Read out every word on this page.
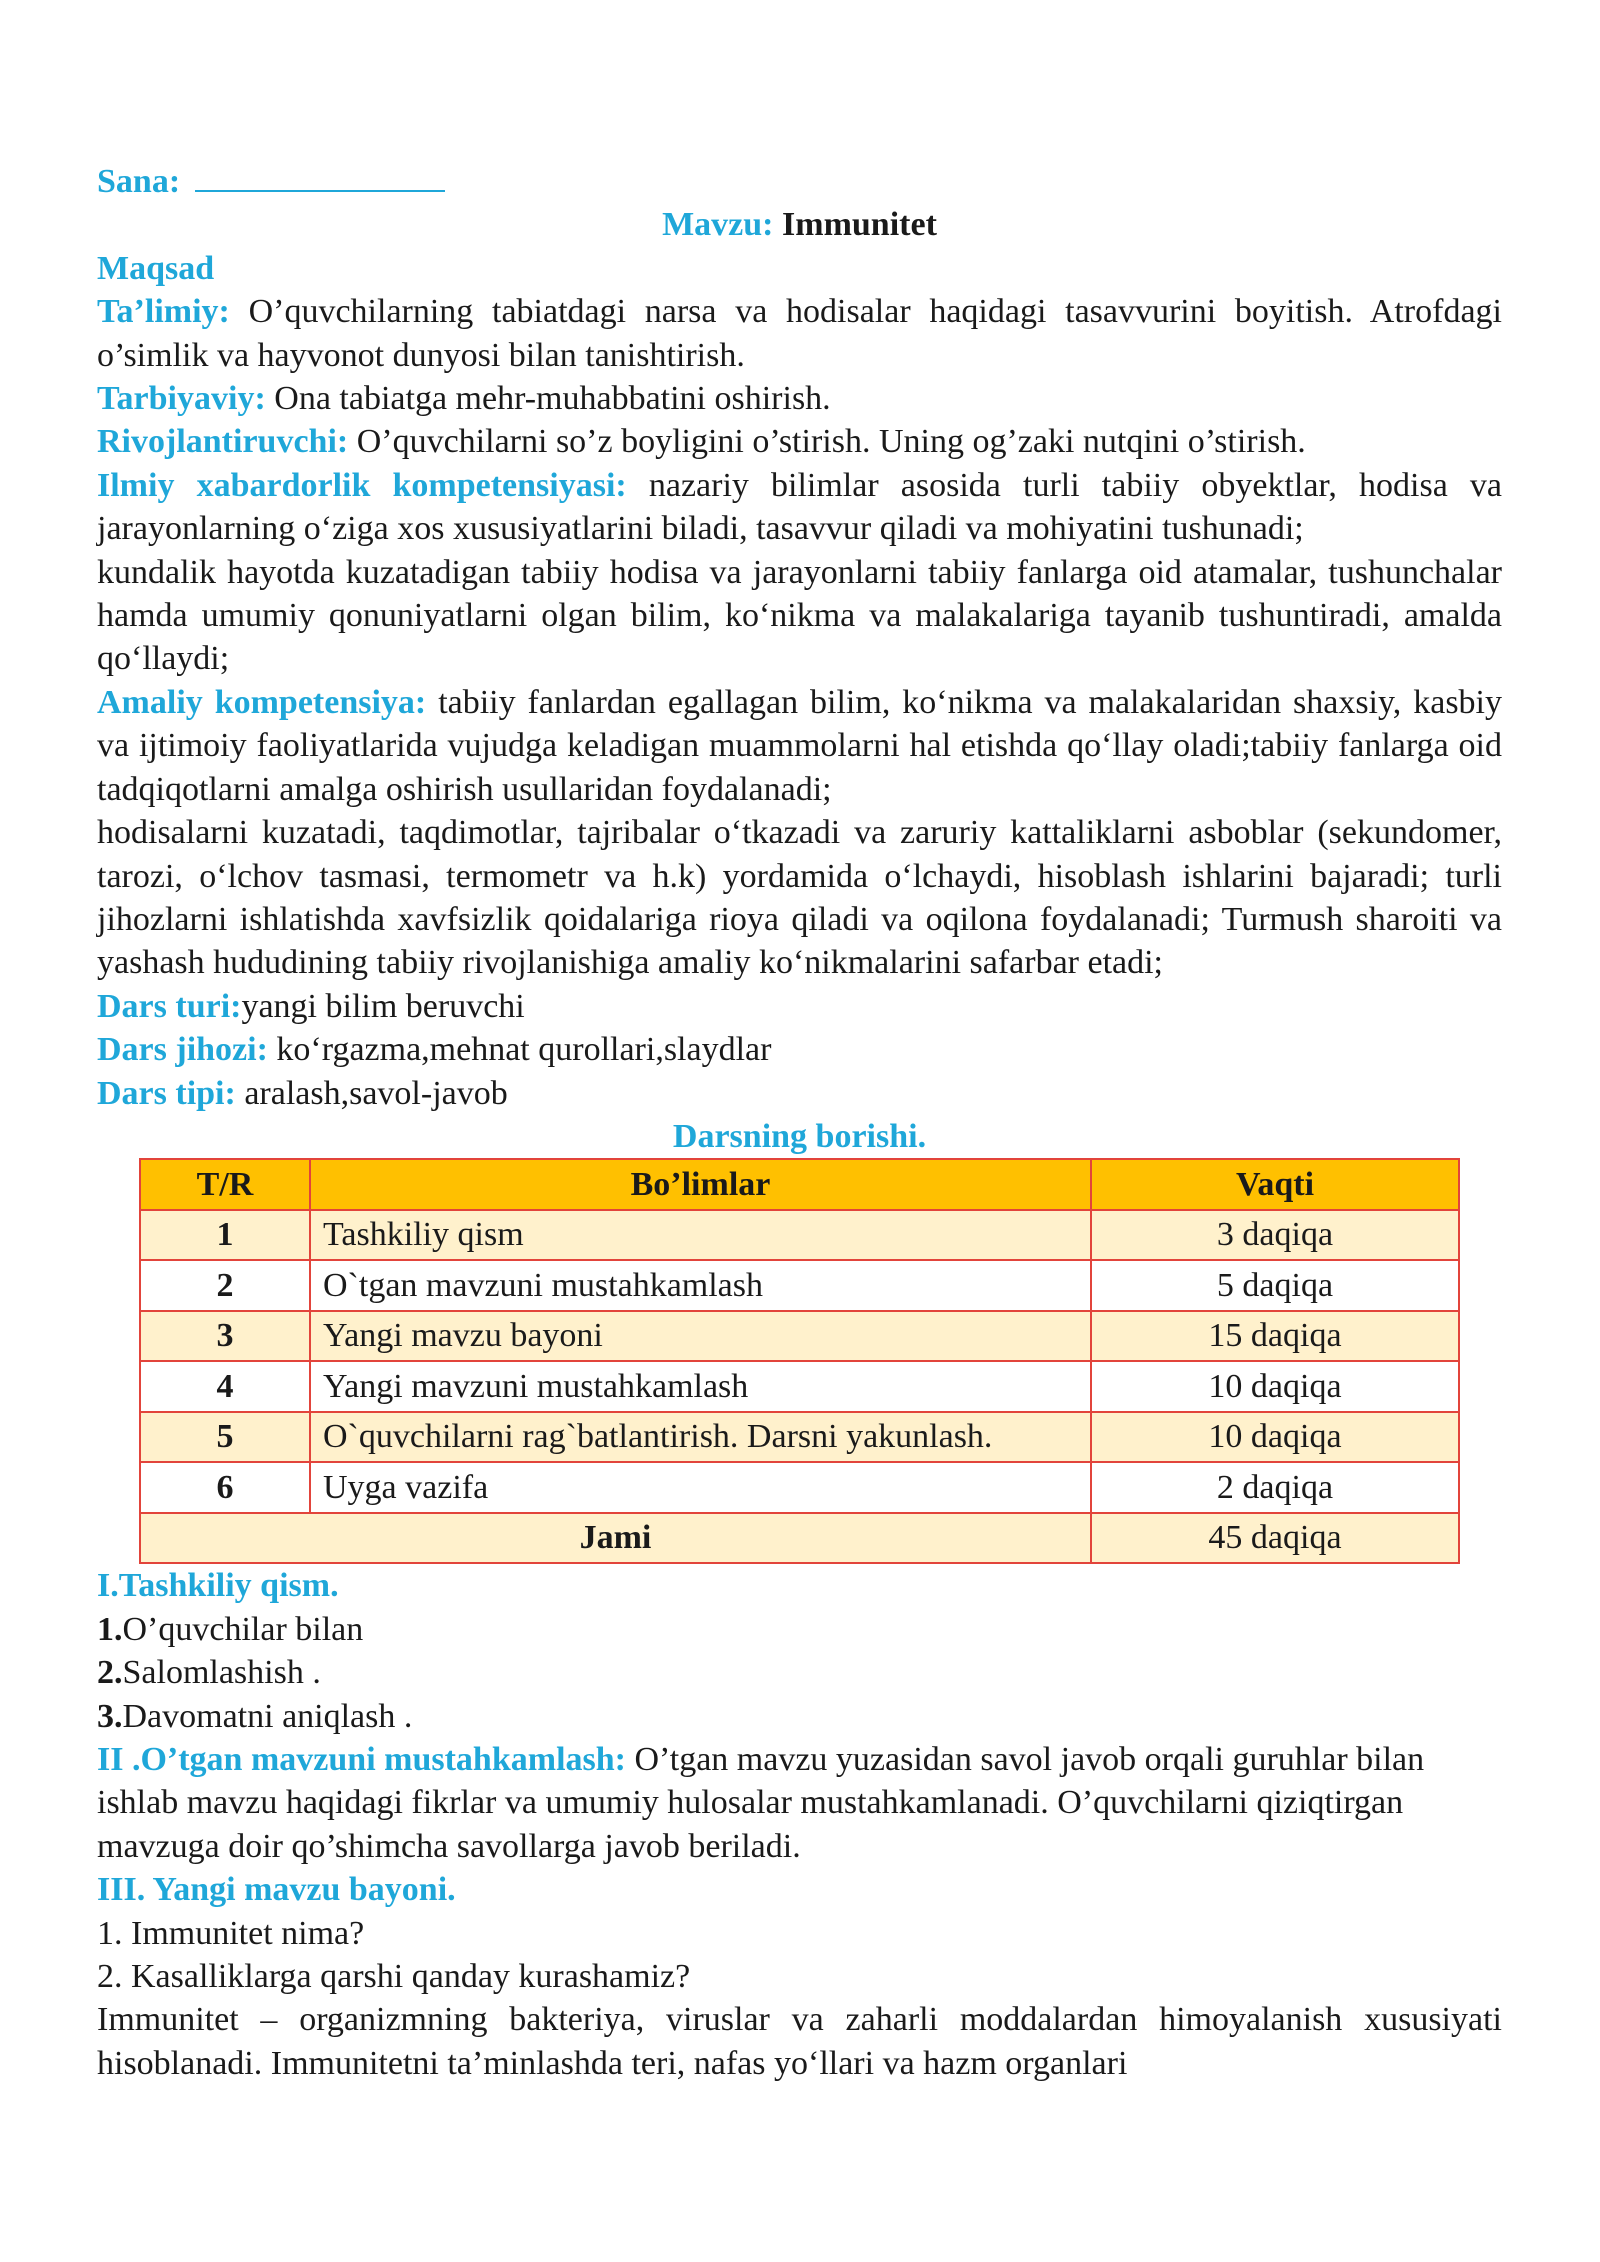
Sana:

Mavzu: Immunitet

Maqsad

Ta’limiy: O’quvchilarning tabiatdagi narsa va hodisalar haqidagi tasavvurini boyitish. Atrofdagi o’simlik va hayvonot dunyosi bilan tanishtirish.

Tarbiyaviy: Ona tabiatga mehr-muhabbatini oshirish.

Rivojlantiruvchi: O’quvchilarni so’z boyligini o’stirish. Uning og’zaki nutqini o’stirish.

Ilmiy xabardorlik kompetensiyasi: nazariy bilimlar asosida turli tabiiy obyektlar, hodisa va jarayonlarning o‘ziga xos xususiyatlarini biladi, tasavvur qiladi va mohiyatini tushunadi;

kundalik hayotda kuzatadigan tabiiy hodisa va jarayonlarni tabiiy fanlarga oid atamalar, tushunchalar hamda umumiy qonuniyatlarni olgan bilim, ko‘nikma va malakalariga tayanib tushuntiradi, amalda qo‘llaydi;

Amaliy kompetensiya: tabiiy fanlardan egallagan bilim, ko‘nikma va malakalaridan shaxsiy, kasbiy va ijtimoiy faoliyatlarida vujudga keladigan muammolarni hal etishda qo‘llay oladi;tabiiy fanlarga oid tadqiqotlarni amalga oshirish usullaridan foydalanadi;

hodisalarni kuzatadi, taqdimotlar, tajribalar o‘tkazadi va zaruriy kattaliklarni asboblar (sekundomer, tarozi, o‘lchov tasmasi, termometr va h.k) yordamida o‘lchaydi, hisoblash ishlarini bajaradi; turli jihozlarni ishlatishda xavfsizlik qoidalariga rioya qiladi va oqilona foydalanadi; Turmush sharoiti va yashash hududining tabiiy rivojlanishiga amaliy ko‘nikmalarini safarbar etadi;

Dars turi:yangi bilim beruvchi

Dars jihozi: ko‘rgazma,mehnat qurollari,slaydlar

Dars tipi: aralash,savol-javob

Darsning borishi.

T/R	Bo’limlar	Vaqti
1	Tashkiliy qism	3 daqiqa
2	O`tgan mavzuni mustahkamlash	5 daqiqa
3	Yangi mavzu bayoni	15 daqiqa
4	Yangi mavzuni mustahkamlash	10 daqiqa
5	O`quvchilarni rag`batlantirish. Darsni yakunlash.	10 daqiqa
6	Uyga vazifa	2 daqiqa
Jami		45 daqiqa

I.Tashkiliy qism.

1.O’quvchilar bilan

2.Salomlashish .

3.Davomatni aniqlash .

II .O’tgan mavzuni mustahkamlash: O’tgan mavzu yuzasidan savol javob orqali guruhlar bilan ishlab mavzu haqidagi fikrlar va umumiy hulosalar mustahkamlanadi. O’quvchilarni qiziqtirgan mavzuga doir qo’shimcha savollarga javob beriladi.

III. Yangi mavzu bayoni.

1. Immunitet nima?

2. Kasalliklarga qarshi qanday kurashamiz?

Immunitet – organizmning bakteriya, viruslar va zaharli moddalardan himoyalanish xususiyati hisoblanadi. Immunitetni ta’minlashda teri, nafas yo‘llari va hazm organlari
